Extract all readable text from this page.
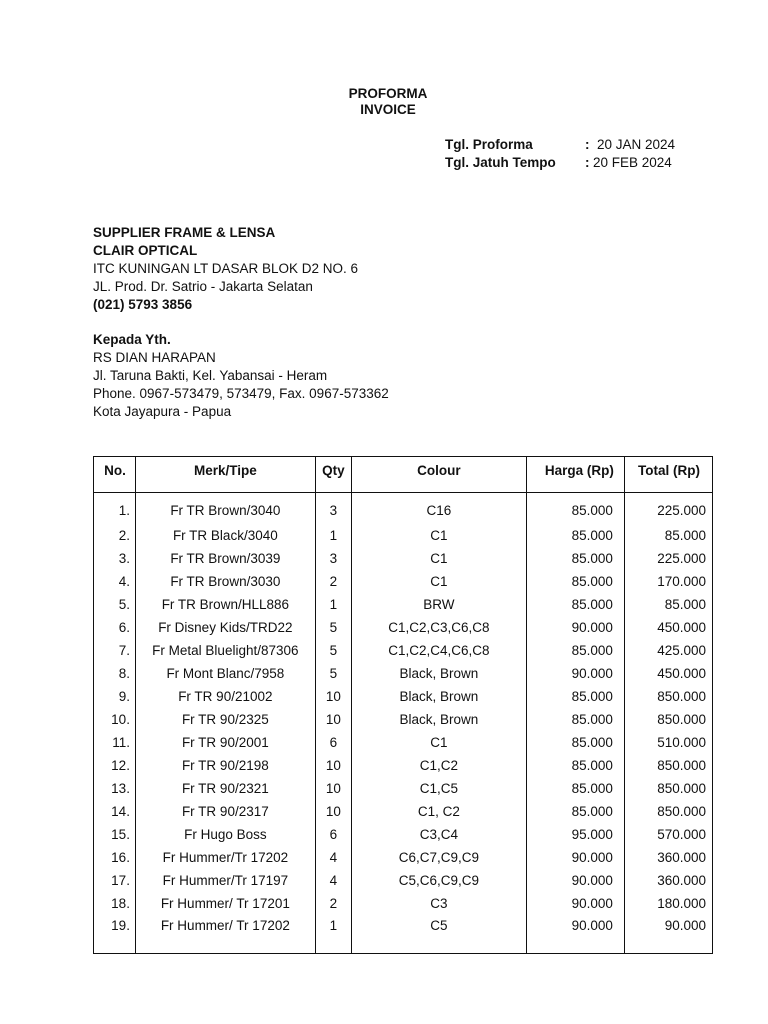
PROFORMA
INVOICE
Tgl. Proforma	: 20 JAN 2024
Tgl. Jatuh Tempo : 20 FEB 2024
SUPPLIER FRAME & LENSA
CLAIR OPTICAL
ITC KUNINGAN LT DASAR BLOK D2 NO. 6
JL. Prod. Dr. Satrio - Jakarta Selatan
(021) 5793 3856
Kepada Yth.
RS DIAN HARAPAN
Jl. Taruna Bakti, Kel. Yabansai - Heram
Phone. 0967-573479, 573479, Fax. 0967-573362
Kota Jayapura - Papua
No.	Merk/Tipe	Qty	Colour	Harga (Rp)	Total (Rp)
1.	Fr TR Brown/3040	3	C16	85.000	225.000
2.	Fr TR Black/3040	1	C1	85.000	85.000
3.	Fr TR Brown/3039	3	C1	85.000	225.000
4.	Fr TR Brown/3030	2	C1	85.000	170.000
5.	Fr TR Brown/HLL886	1	BRW	85.000	85.000
6.	Fr Disney Kids/TRD22	5	C1,C2,C3,C6,C8	90.000	450.000
7.	Fr Metal Bluelight/87306	5	C1,C2,C4,C6,C8	85.000	425.000
8.	Fr Mont Blanc/7958	5	Black, Brown	90.000	450.000
9.	Fr TR 90/21002	10	Black, Brown	85.000	850.000
10.	Fr TR 90/2325	10	Black, Brown	85.000	850.000
11.	Fr TR 90/2001	6	C1	85.000	510.000
12.	Fr TR 90/2198	10	C1,C2	85.000	850.000
13.	Fr TR 90/2321	10	C1,C5	85.000	850.000
14.	Fr TR 90/2317	10	C1, C2	85.000	850.000
15.	Fr Hugo Boss	6	C3,C4	95.000	570.000
16.	Fr Hummer/Tr 17202	4	C6,C7,C9,C9	90.000	360.000
17.	Fr Hummer/Tr 17197	4	C5,C6,C9,C9	90.000	360.000
18.	Fr Hummer/ Tr 17201	2	C3	90.000	180.000
19.	Fr Hummer/ Tr 17202	1	C5	90.000	90.000
